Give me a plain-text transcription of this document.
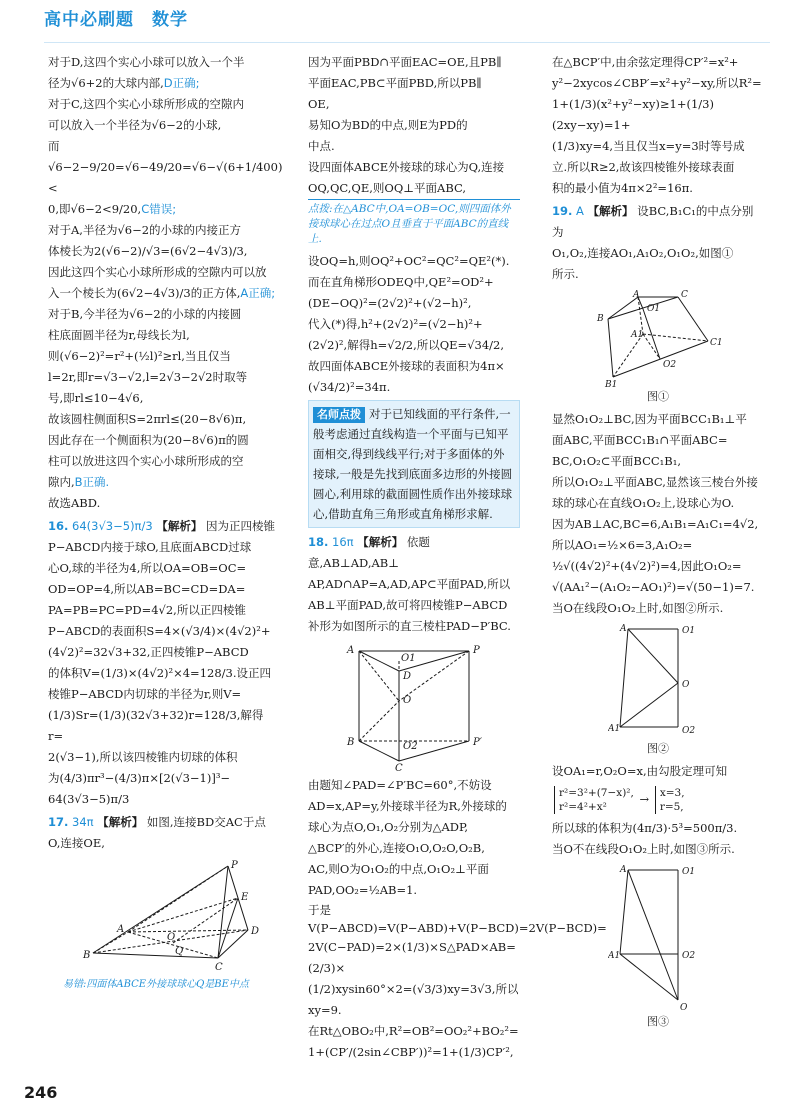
高中必刷题　数学

对于D,这四个实心小球可以放入一个半

径为√6+2的大球内部,D正确;

对于C,这四个实心小球所形成的空隙内

可以放入一个半径为√6−2的小球,

而√6−2−9/20=√6−49/20=√6−√(6+1/400)<

0,即√6−2<9/20,C错误;

对于A,半径为√6−2的小球的内接正方

体棱长为2(√6−2)/√3=(6√2−4√3)/3,

因此这四个实心小球所形成的空隙内可以放

入一个棱长为(6√2−4√3)/3的正方体,A正确;

对于B,今半径为√6−2的小球的内接圆

柱底面圆半径为r,母线长为l,

则(√6−2)²=r²+(½l)²≥rl,当且仅当

l=2r,即r=√3−√2,l=2√3−2√2时取等

号,即rl≤10−4√6,

故该圆柱侧面积S=2πrl≤(20−8√6)π,

因此存在一个侧面积为(20−8√6)π的圆

柱可以放进这四个实心小球所形成的空

隙内,B正确.

故选ABD.

16. 64(3√3−5)π/3 【解析】 因为正四棱锥

P−ABCD内接于球O,且底面ABCD过球

心O,球的半径为4,所以OA=OB=OC=

OD=OP=4,所以AB=BC=CD=DA=

PA=PB=PC=PD=4√2,所以正四棱锥

P−ABCD的表面积S=4×(√3/4)×(4√2)²+

(4√2)²=32√3+32,正四棱锥P−ABCD

的体积V=(1/3)×(4√2)²×4=128/3.设正四

棱锥P−ABCD内切球的半径为r,则V=

(1/3)Sr=(1/3)(32√3+32)r=128/3,解得r=

2(√3−1),所以该四棱锥内切球的体积

为(4/3)πr³−(4/3)π×[2(√3−1)]³−

64(3√3−5)π/3

17. 34π 【解析】 如图,连接BD交AC于点

O,连接OE,

P
E
A	D
B
C
O
Q
易错:四面体ABCE外接球球心Q是BE中点

因为平面PBD∩平面EAC=OE,且PB∥

平面EAC,PB⊂平面PBD,所以PB∥

OE,

易知O为BD的中点,则E为PD的

中点.

设四面体ABCE外接球的球心为Q,连接

OQ,QC,QE,则OQ⊥平面ABC,

点拨:在△ABC中,OA=OB=OC,则四面体外接球球心在过点O且垂直于平面ABC的直线上.

设OQ=h,则OQ²+OC²=QC²=QE²(*).

而在直角梯形ODEQ中,QE²=OD²+

(DE−OQ)²=(2√2)²+(√2−h)²,

代入(*)得,h²+(2√2)²=(√2−h)²+

(2√2)²,解得h=√2/2,所以QE=√34/2,

故四面体ABCE外接球的表面积为4π×

(√34/2)²=34π.

名师点拨 对于已知线面的平行条件,一般考虑通过直线构造一个平面与已知平面相交,得到线线平行;对于多面体的外接球,一般是先找到底面多边形的外接圆圆心,利用球的截面圆性质作出外接球球心,借助直角三角形或直角梯形求解.

18. 16π 【解析】 依题意,AB⊥AD,AB⊥

AP,AD∩AP=A,AD,AP⊂平面PAD,所以

AB⊥平面PAD,故可将四棱锥P−ABCD

补形为如图所示的直三棱柱PAD−P′BC.

A
O1
P
D
O
B	P′
C
O2

由题知∠PAD=∠P′BC=60°,不妨设

AD=x,AP=y,外接球半径为R,外接球的

球心为点O,O₁,O₂分别为△ADP,

△BCP′的外心,连接O₁O,O₂O,O₂B,

AC,则O为O₁O₂的中点,O₁O₂⊥平面

PAD,OO₂=½AB=1.

于是V(P−ABCD)=V(P−ABD)+V(P−BCD)=2V(P−BCD)=

2V(C−PAD)=2×(1/3)×S△PAD×AB=(2/3)×

(1/2)xysin60°×2=(√3/3)xy=3√3,所以xy=9.

在Rt△OBO₂中,R²=OB²=OO₂²+BO₂²=

1+(CP′/(2sin∠CBP′))²=1+(1/3)CP′²,

在△BCP′中,由余弦定理得CP′²=x²+

y²−2xycos∠CBP′=x²+y²−xy,所以R²=

1+(1/3)(x²+y²−xy)≥1+(1/3)(2xy−xy)=1+

(1/3)xy=4,当且仅当x=y=3时等号成

立.所以R≥2,故该四棱锥外接球表面

积的最小值为4π×2²=16π.

19. A 【解析】 设BC,B₁C₁的中点分别为

O₁,O₂,连接AO₁,A₁O₂,O₁O₂,如图①

所示.

A	C
B
O1
A1
C1
B1
O2
图①

显然O₁O₂⊥BC,因为平面BCC₁B₁⊥平

面ABC,平面BCC₁B₁∩平面ABC=

BC,O₁O₂⊂平面BCC₁B₁,

所以O₁O₂⊥平面ABC,显然该三棱台外接

球的球心在直线O₁O₂上,设球心为O.

因为AB⊥AC,BC=6,A₁B₁=A₁C₁=4√2,

所以AO₁=½×6=3,A₁O₂=

½√((4√2)²+(4√2)²)=4,因此O₁O₂=

√(AA₁²−(A₁O₂−AO₁)²)=√(50−1)=7.

当O在线段O₁O₂上时,如图②所示.

A	O1
O
A1	O2
图②

设OA₁=r,O₂O=x,由勾股定理可知

r²=3²+(7−x)²,
r²=4²+x²
→ x=3,
r=5,

所以球的体积为(4π/3)·5³=500π/3.

当O不在线段O₁O₂上时,如图③所示.

A	O1
A1	O2
O
图③
246
